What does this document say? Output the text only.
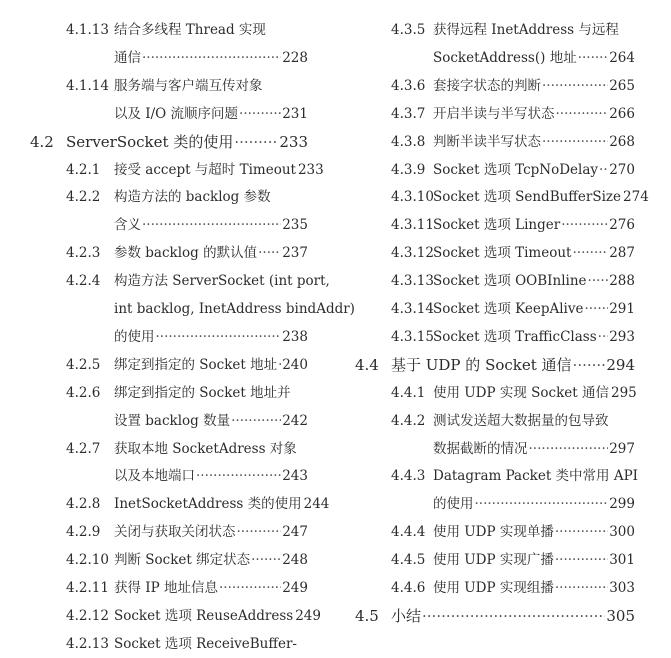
4.1.13 结合多线程 Thread 实现
通信 ·····	228
4.1.14 服务端与客户端互传对象
以及 I/O 流顺序问题 ·····	231
4.2 ServerSocket 类的使用 ·····	233
4.2.1 接受 accept 与超时 Timeout 233
4.2.2 构造方法的 backlog 参数
含义 ·····	235
4.2.3 参数 backlog 的默认值 ····· 237
4.2.4 构造方法 ServerSocket (int port,
int backlog, InetAddress bindAddr)
的使用 ·····	238
4.2.5 绑定到指定的 Socket 地址 ····· 240
4.2.6 绑定到指定的 Socket 地址并
设置 backlog 数量 ·····	242
4.2.7 获取本地 SocketAdress 对象
以及本地端口 ·····	243
4.2.8 InetSocketAddress 类的使用 244
4.2.9 关闭与获取关闭状态 ·····	247
4.2.10 判断 Socket 绑定状态 ····· 248
4.2.11 获得 IP 地址信息 ·····	249
4.2.12 Socket 选项 ReuseAddress 249
4.2.13 Socket 选项 ReceiveBuffer-
4.3.5 获得远程 InetAddress 与远程
SocketAddress() 地址 ····· 264
4.3.6 套接字状态的判断 ·····	265
4.3.7 开启半读与半写状态 ·····	266
4.3.8 判断半读半写状态 ·····	268
4.3.9 Socket 选项 TcpNoDelay ····· 270
4.3.10 Socket 选项 SendBufferSize 274
4.3.11 Socket 选项 Linger ·····	276
4.3.12 Socket 选项 Timeout ·····	287
4.3.13 Socket 选项 OOBInline ····· 288
4.3.14 Socket 选项 KeepAlive ····· 291
4.3.15 Socket 选项 TrafficClass ····· 293
4.4 基于 UDP 的 Socket 通信 ····· 294
4.4.1 使用 UDP 实现 Socket 通信 295
4.4.2 测试发送超大数据量的包导致
数据截断的情况 ·····	297
4.4.3 Datagram Packet 类中常用 API
的使用 ·····	299
4.4.4 使用 UDP 实现单播 ·····	300
4.4.5 使用 UDP 实现广播 ·····	301
4.4.6 使用 UDP 实现组播 ·····	303
4.5 小结 ·····	305
